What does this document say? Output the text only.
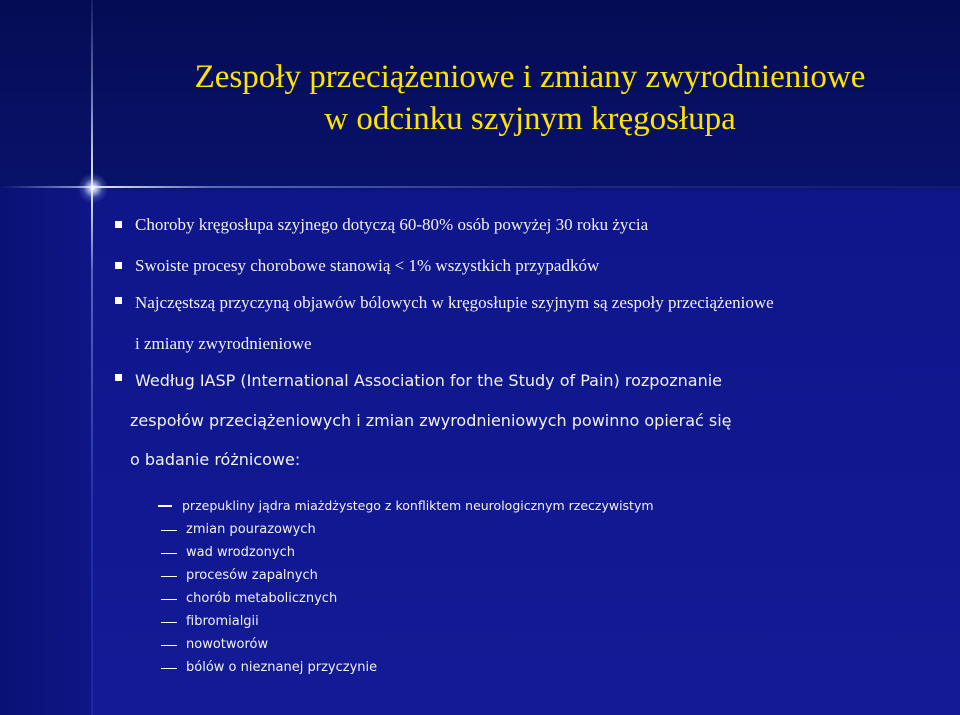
Zespoły przeciążeniowe i zmiany zwyrodnieniowe
w odcinku szyjnym kręgosłupa
Choroby kręgosłupa szyjnego dotyczą 60-80% osób powyżej 30 roku życia
Swoiste procesy chorobowe stanowią < 1% wszystkich przypadków
Najczęstszą przyczyną objawów bólowych w kręgosłupie szyjnym są zespoły przeciążeniowe
i zmiany zwyrodnieniowe
Według IASP (International Association for the Study of Pain) rozpoznanie
zespołów przeciążeniowych i zmian zwyrodnieniowych powinno opierać się
o badanie różnicowe:
przepukliny jądra miażdżystego z konfliktem neurologicznym rzeczywistym
zmian pourazowych
wad wrodzonych
procesów zapalnych
chorób metabolicznych
fibromialgii
nowotworów
bólów o nieznanej przyczynie
